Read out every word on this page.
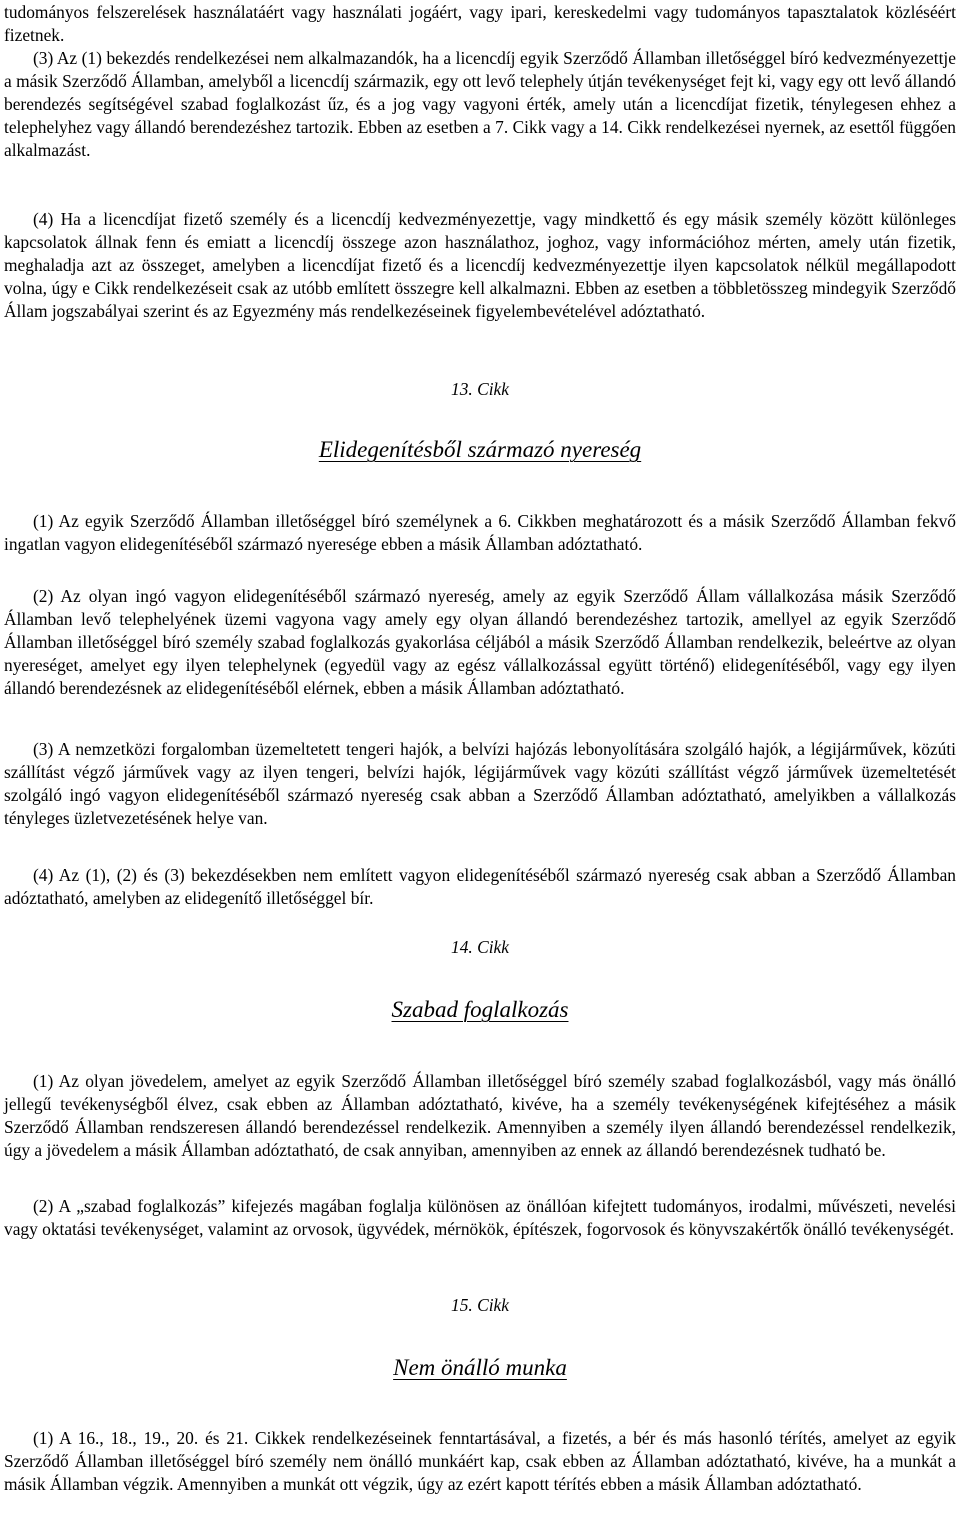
tudományos felszerelések használatáért vagy használati jogáért, vagy ipari, kereskedelmi vagy tudományos tapasztalatok közléséért fizetnek.

(3) Az (1) bekezdés rendelkezései nem alkalmazandók, ha a licencdíj egyik Szerződő Államban illetőséggel bíró kedvezményezettje a másik Szerződő Államban, amelyből a licencdíj származik, egy ott levő telephely útján tevékenységet fejt ki, vagy egy ott levő állandó berendezés segítségével szabad foglalkozást űz, és a jog vagy vagyoni érték, amely után a licencdíjat fizetik, ténylegesen ehhez a telephelyhez vagy állandó berendezéshez tartozik. Ebben az esetben a 7. Cikk vagy a 14. Cikk rendelkezései nyernek, az esettől függően alkalmazást.

(4) Ha a licencdíjat fizető személy és a licencdíj kedvezményezettje, vagy mindkettő és egy másik személy között különleges kapcsolatok állnak fenn és emiatt a licencdíj összege azon használathoz, joghoz, vagy információhoz mérten, amely után fizetik, meghaladja azt az összeget, amelyben a licencdíjat fizető és a licencdíj kedvezményezettje ilyen kapcsolatok nélkül megállapodott volna, úgy e Cikk rendelkezéseit csak az utóbb említett összegre kell alkalmazni. Ebben az esetben a többletösszeg mindegyik Szerződő Állam jogszabályai szerint és az Egyezmény más rendelkezéseinek figyelembevételével adóztatható.

13. Cikk

Elidegenítésből származó nyereség

(1) Az egyik Szerződő Államban illetőséggel bíró személynek a 6. Cikkben meghatározott és a másik Szerződő Államban fekvő ingatlan vagyon elidegenítéséből származó nyeresége ebben a másik Államban adóztatható.

(2) Az olyan ingó vagyon elidegenítéséből származó nyereség, amely az egyik Szerződő Állam vállalkozása másik Szerződő Államban levő telephelyének üzemi vagyona vagy amely egy olyan állandó berendezéshez tartozik, amellyel az egyik Szerződő Államban illetőséggel bíró személy szabad foglalkozás gyakorlása céljából a másik Szerződő Államban rendelkezik, beleértve az olyan nyereséget, amelyet egy ilyen telephelynek (egyedül vagy az egész vállalkozással együtt történő) elidegenítéséből, vagy egy ilyen állandó berendezésnek az elidegenítéséből elérnek, ebben a másik Államban adóztatható.

(3) A nemzetközi forgalomban üzemeltetett tengeri hajók, a belvízi hajózás lebonyolítására szolgáló hajók, a légijárművek, közúti szállítást végző járművek vagy az ilyen tengeri, belvízi hajók, légijárművek vagy közúti szállítást végző járművek üzemeltetését szolgáló ingó vagyon elidegenítéséből származó nyereség csak abban a Szerződő Államban adóztatható, amelyikben a vállalkozás tényleges üzletvezetésének helye van.

(4) Az (1), (2) és (3) bekezdésekben nem említett vagyon elidegenítéséből származó nyereség csak abban a Szerződő Államban adóztatható, amelyben az elidegenítő illetőséggel bír.

14. Cikk

Szabad foglalkozás

(1) Az olyan jövedelem, amelyet az egyik Szerződő Államban illetőséggel bíró személy szabad foglalkozásból, vagy más önálló jellegű tevékenységből élvez, csak ebben az Államban adóztatható, kivéve, ha a személy tevékenységének kifejtéséhez a másik Szerződő Államban rendszeresen állandó berendezéssel rendelkezik. Amennyiben a személy ilyen állandó berendezéssel rendelkezik, úgy a jövedelem a másik Államban adóztatható, de csak annyiban, amennyiben az ennek az állandó berendezésnek tudható be.

(2) A „szabad foglalkozás” kifejezés magában foglalja különösen az önállóan kifejtett tudományos, irodalmi, művészeti, nevelési vagy oktatási tevékenységet, valamint az orvosok, ügyvédek, mérnökök, építészek, fogorvosok és könyvszakértők önálló tevékenységét.

15. Cikk

Nem önálló munka

(1) A 16., 18., 19., 20. és 21. Cikkek rendelkezéseinek fenntartásával, a fizetés, a bér és más hasonló térítés, amelyet az egyik Szerződő Államban illetőséggel bíró személy nem önálló munkáért kap, csak ebben az Államban adóztatható, kivéve, ha a munkát a másik Államban végzik. Amennyiben a munkát ott végzik, úgy az ezért kapott térítés ebben a másik Államban adóztatható.
